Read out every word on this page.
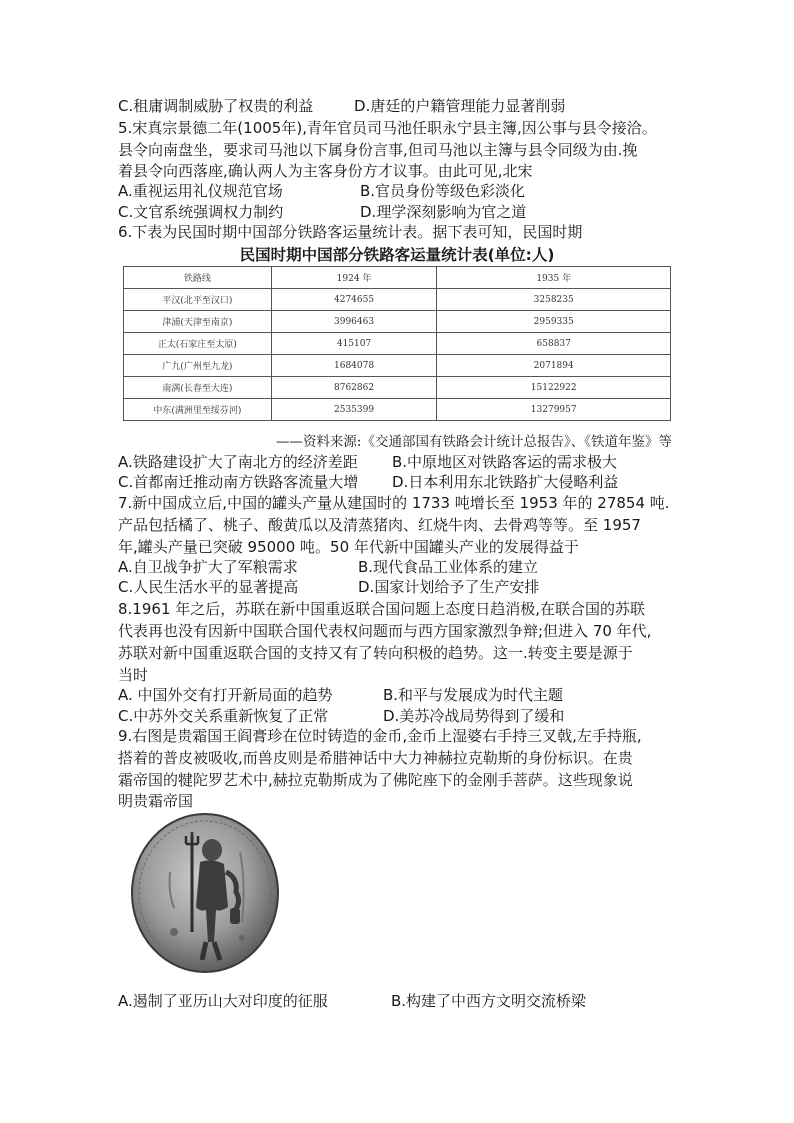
C.租庸调制威胁了权贵的利益	D.唐廷的户籍管理能力显著削弱
5.宋真宗景德二年(1005年),青年官员司马池任职永宁县主簿,因公事与县令接洽。
县令向南盘坐，要求司马池以下属身份言事,但司马池以主簿与县令同级为由.挽
着县令向西落座,确认两人为主客身份方才议事。由此可见,北宋
A.重视运用礼仪规范官场	B.官员身份等级色彩淡化
C.文官系统强调权力制约	D.理学深刻影响为官之道
6.下表为民国时期中国部分铁路客运量统计表。据下表可知，民国时期
民国时期中国部分铁路客运量统计表(单位:人)
铁路线	1924 年	1935 年
平汉(北平至汉口)	4274655	3258235
津浦(天津至南京)	3996463	2959335
正太(石家庄至太原)	415107	658837
广九(广州至九龙)	1684078	2071894
南满(长春至大连)	8762862	15122922
中东(满洲里至绥芬河)	2535399	13279957
——资料来源:《交通部国有铁路会计统计总报告》、《铁道年鉴》等
A.铁路建设扩大了南北方的经济差距 B.中原地区对铁路客运的需求极大
C.首都南迁推动南方铁路客流量大增 D.日本利用东北铁路扩大侵略利益
7.新中国成立后,中国的罐头产量从建国时的 1733 吨增长至 1953 年的 27854 吨.
产品包括橘了、桃子、酸黄瓜以及清蒸猪肉、红烧牛肉、去骨鸡等等。至 1957
年,罐头产量已突破 95000 吨。50 年代新中国罐头产业的发展得益于
A.自卫战争扩大了军粮需求	B.现代食品工业体系的建立
C.人民生活水平的显著提高	D.国家计划给予了生产安排
8.1961 年之后，苏联在新中国重返联合国问题上态度日趋消极,在联合国的苏联
代表再也没有因新中国联合国代表权问题而与西方国家激烈争辩;但进入 70 年代,
苏联对新中国重返联合国的支持又有了转向积极的趋势。这一.转变主要是源于
当时
A. 中国外交有打开新局面的趋势	B.和平与发展成为时代主题
C.中苏外交关系重新恢复了正常	D.美苏冷战局势得到了缓和
9.右图是贵霜国王阎膏珍在位时铸造的金币,金币上湿婆右手持三叉戟,左手持瓶,
搭着的普皮被吸收,而兽皮则是希腊神话中大力神赫拉克勒斯的身份标识。在贵
霜帝国的犍陀罗艺术中,赫拉克勒斯成为了佛陀座下的金刚手菩萨。这些现象说
明贵霜帝国
A.遏制了亚历山大对印度的征服	B.构建了中西方文明交流桥梁
